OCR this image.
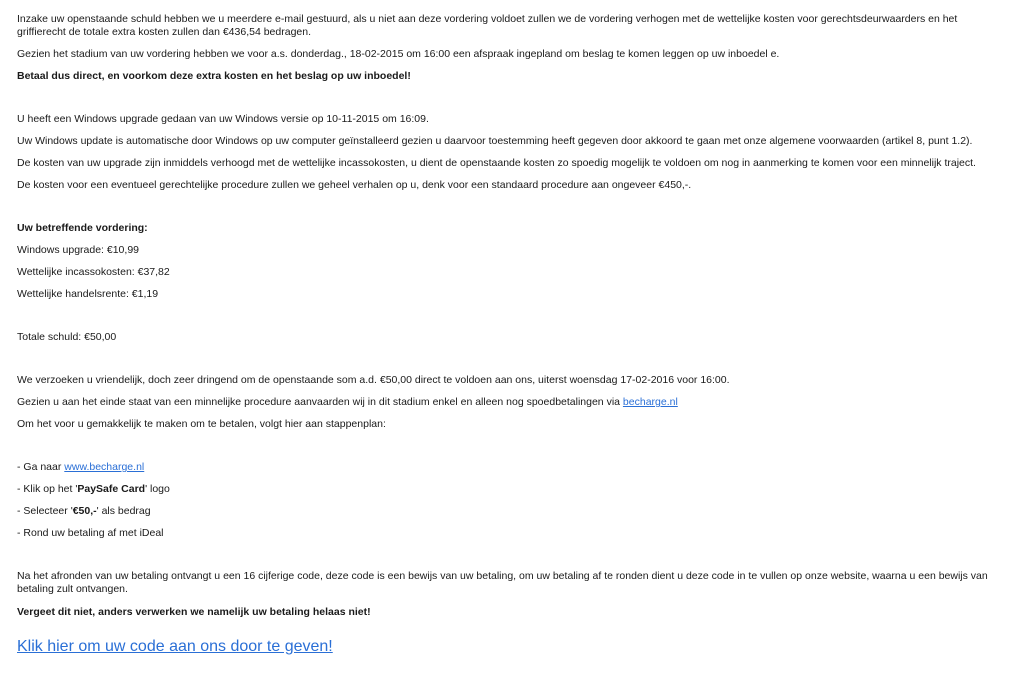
Inzake uw openstaande schuld hebben we u meerdere e-mail gestuurd, als u niet aan deze vordering voldoet zullen we de vordering verhogen met de wettelijke kosten voor gerechtsdeurwaarders en het griffierecht de totale extra kosten zullen dan €436,54 bedragen.

Gezien het stadium van uw vordering hebben we voor a.s. donderdag., 18-02-2015 om 16:00 een afspraak ingepland om beslag te komen leggen op uw inboedel e.

Betaal dus direct, en voorkom deze extra kosten en het beslag op uw inboedel!

U heeft een Windows upgrade gedaan van uw Windows versie op 10-11-2015 om 16:09.

Uw Windows update is automatische door Windows op uw computer geïnstalleerd gezien u daarvoor toestemming heeft gegeven door akkoord te gaan met onze algemene voorwaarden (artikel 8, punt 1.2).

De kosten van uw upgrade zijn inmiddels verhoogd met de wettelijke incassokosten, u dient de openstaande kosten zo spoedig mogelijk te voldoen om nog in aanmerking te komen voor een minnelijk traject.

De kosten voor een eventueel gerechtelijke procedure zullen we geheel verhalen op u, denk voor een standaard procedure aan ongeveer €450,-.

Uw betreffende vordering:

Windows upgrade: €10,99

Wettelijke incassokosten: €37,82

Wettelijke handelsrente: €1,19

Totale schuld: €50,00

We verzoeken u vriendelijk, doch zeer dringend om de openstaande som a.d. €50,00 direct te voldoen aan ons, uiterst woensdag 17-02-2016 voor 16:00.

Gezien u aan het einde staat van een minnelijke procedure aanvaarden wij in dit stadium enkel en alleen nog spoedbetalingen via becharge.nl

Om het voor u gemakkelijk te maken om te betalen, volgt hier aan stappenplan:

- Ga naar www.becharge.nl

- Klik op het 'PaySafe Card' logo

- Selecteer '€50,-' als bedrag

- Rond uw betaling af met iDeal

Na het afronden van uw betaling ontvangt u een 16 cijferige code, deze code is een bewijs van uw betaling, om uw betaling af te ronden dient u deze code in te vullen op onze website, waarna u een bewijs van betaling zult ontvangen.

Vergeet dit niet, anders verwerken we namelijk uw betaling helaas niet!

Klik hier om uw code aan ons door te geven!
